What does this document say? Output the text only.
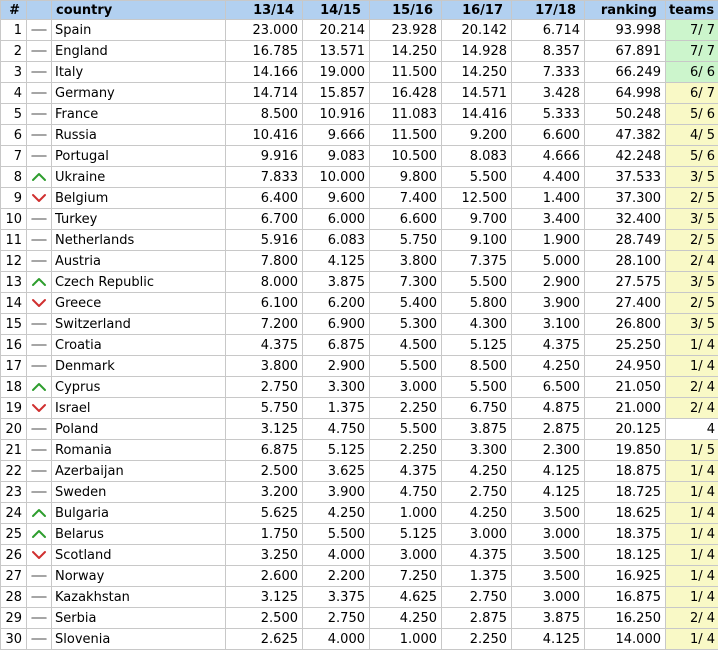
#		country	13/14	14/15	15/16	16/17	17/18	ranking	teams
1		Spain	23.000	20.214	23.928	20.142	6.714	93.998	7/ 7
2		England	16.785	13.571	14.250	14.928	8.357	67.891	7/ 7
3		Italy	14.166	19.000	11.500	14.250	7.333	66.249	6/ 6
4		Germany	14.714	15.857	16.428	14.571	3.428	64.998	6/ 7
5		France	8.500	10.916	11.083	14.416	5.333	50.248	5/ 6
6		Russia	10.416	9.666	11.500	9.200	6.600	47.382	4/ 5
7		Portugal	9.916	9.083	10.500	8.083	4.666	42.248	5/ 6
8		Ukraine	7.833	10.000	9.800	5.500	4.400	37.533	3/ 5
9		Belgium	6.400	9.600	7.400	12.500	1.400	37.300	2/ 5
10		Turkey	6.700	6.000	6.600	9.700	3.400	32.400	3/ 5
11		Netherlands	5.916	6.083	5.750	9.100	1.900	28.749	2/ 5
12		Austria	7.800	4.125	3.800	7.375	5.000	28.100	2/ 4
13		Czech Republic	8.000	3.875	7.300	5.500	2.900	27.575	3/ 5
14		Greece	6.100	6.200	5.400	5.800	3.900	27.400	2/ 5
15		Switzerland	7.200	6.900	5.300	4.300	3.100	26.800	3/ 5
16		Croatia	4.375	6.875	4.500	5.125	4.375	25.250	1/ 4
17		Denmark	3.800	2.900	5.500	8.500	4.250	24.950	1/ 4
18		Cyprus	2.750	3.300	3.000	5.500	6.500	21.050	2/ 4
19		Israel	5.750	1.375	2.250	6.750	4.875	21.000	2/ 4
20		Poland	3.125	4.750	5.500	3.875	2.875	20.125	4
21		Romania	6.875	5.125	2.250	3.300	2.300	19.850	1/ 5
22		Azerbaijan	2.500	3.625	4.375	4.250	4.125	18.875	1/ 4
23		Sweden	3.200	3.900	4.750	2.750	4.125	18.725	1/ 4
24		Bulgaria	5.625	4.250	1.000	4.250	3.500	18.625	1/ 4
25		Belarus	1.750	5.500	5.125	3.000	3.000	18.375	1/ 4
26		Scotland	3.250	4.000	3.000	4.375	3.500	18.125	1/ 4
27		Norway	2.600	2.200	7.250	1.375	3.500	16.925	1/ 4
28		Kazakhstan	3.125	3.375	4.625	2.750	3.000	16.875	1/ 4
29		Serbia	2.500	2.750	4.250	2.875	3.875	16.250	2/ 4
30		Slovenia	2.625	4.000	1.000	2.250	4.125	14.000	1/ 4
